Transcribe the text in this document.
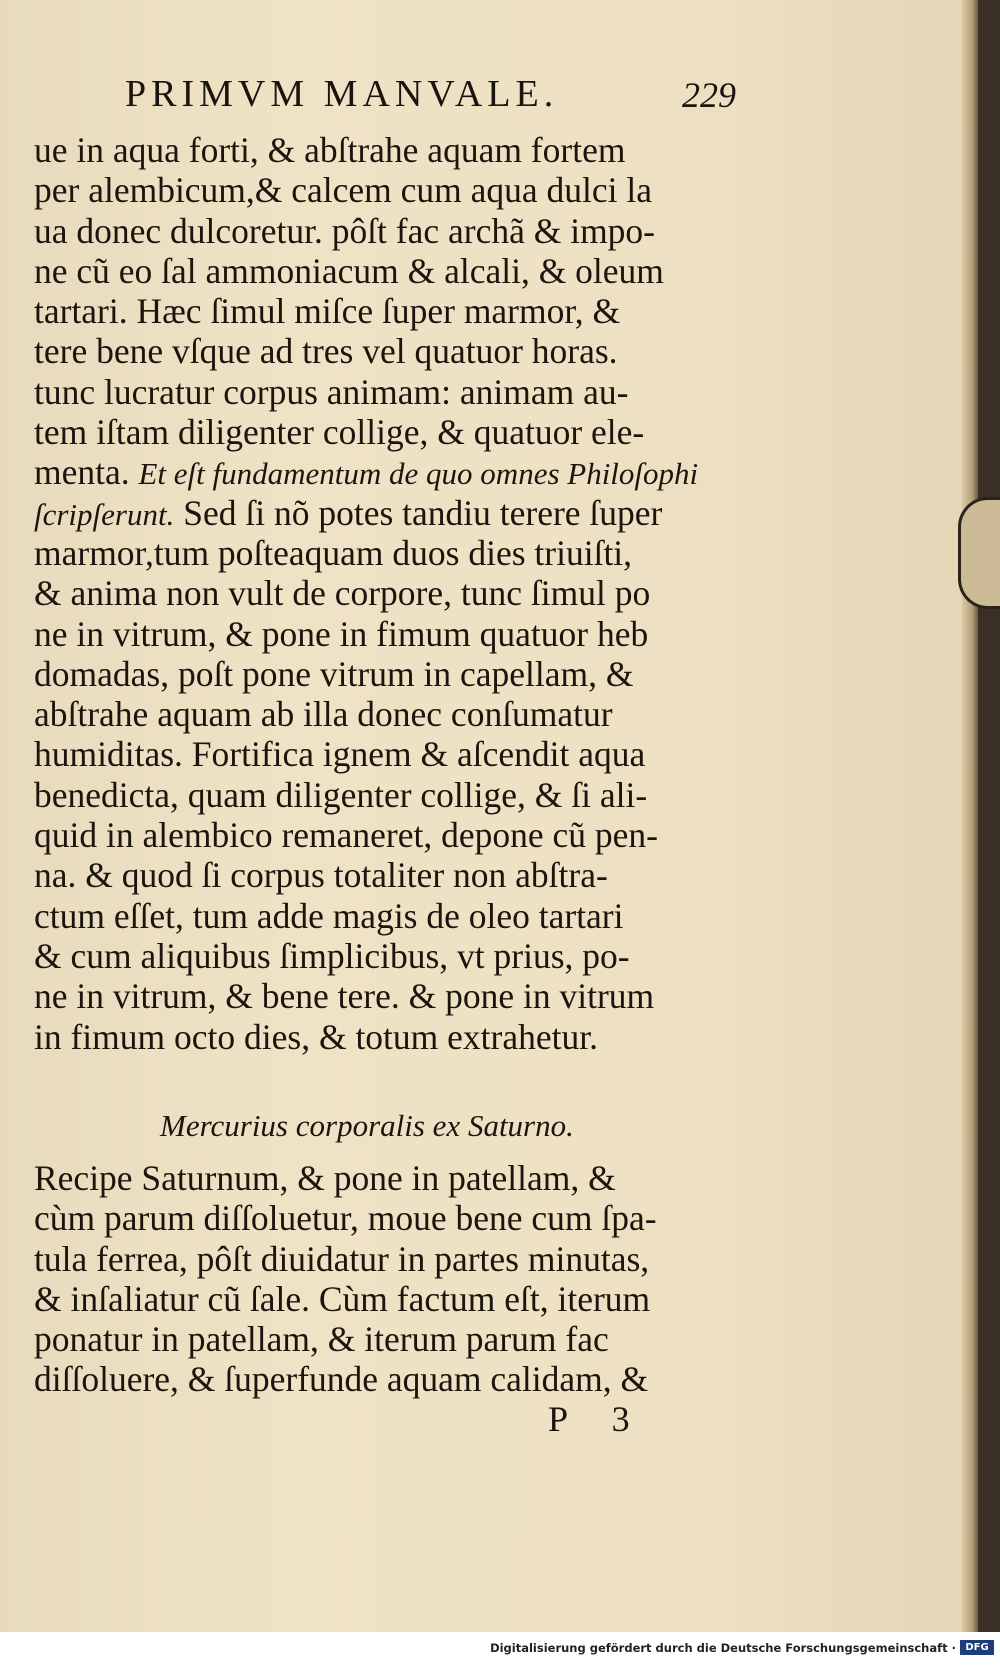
PRIMVM MANVALE.	229
ue in aqua forti, & abſtrahe aquam fortem
per alembicum,& calcem cum aqua dulci la
ua donec dulcoretur. pôſt fac archã & impo-
ne cũ eo ſal ammoniacum & alcali, & oleum
tartari. Hæc ſimul miſce ſuper marmor, &
tere bene vſque ad tres vel quatuor horas.
tunc lucratur corpus animam: animam au-
tem iſtam diligenter collige, & quatuor ele-
menta. Et eſt fundamentum de quo omnes Philoſophi
ſcripſerunt. Sed ſi nõ potes tandiu terere ſuper
marmor,tum poſteaquam duos dies triuiſti,
& anima non vult de corpore, tunc ſimul po
ne in vitrum, & pone in fimum quatuor heb
domadas, poſt pone vitrum in capellam, &
abſtrahe aquam ab illa donec conſumatur
humiditas. Fortifica ignem & aſcendit aqua
benedicta, quam diligenter collige, & ſi ali-
quid in alembico remaneret, depone cũ pen-
na. & quod ſi corpus totaliter non abſtra-
ctum eſſet, tum adde magis de oleo tartari
& cum aliquibus ſimplicibus, vt prius, po-
ne in vitrum, & bene tere. & pone in vitrum
in fimum octo dies, & totum extrahetur.
Mercurius corporalis ex Saturno.
Recipe Saturnum, & pone in patellam, &
cùm parum diſſoluetur, moue bene cum ſpa-
tula ferrea, pôſt diuidatur in partes minutas,
& inſaliatur cũ ſale. Cùm factum eſt, iterum
ponatur in patellam, & iterum parum fac
diſſoluere, & ſuperfunde aquam calidam, &
P 3
Digitalisierung gefördert durch die Deutsche Forschungsgemeinschaft · DFG
